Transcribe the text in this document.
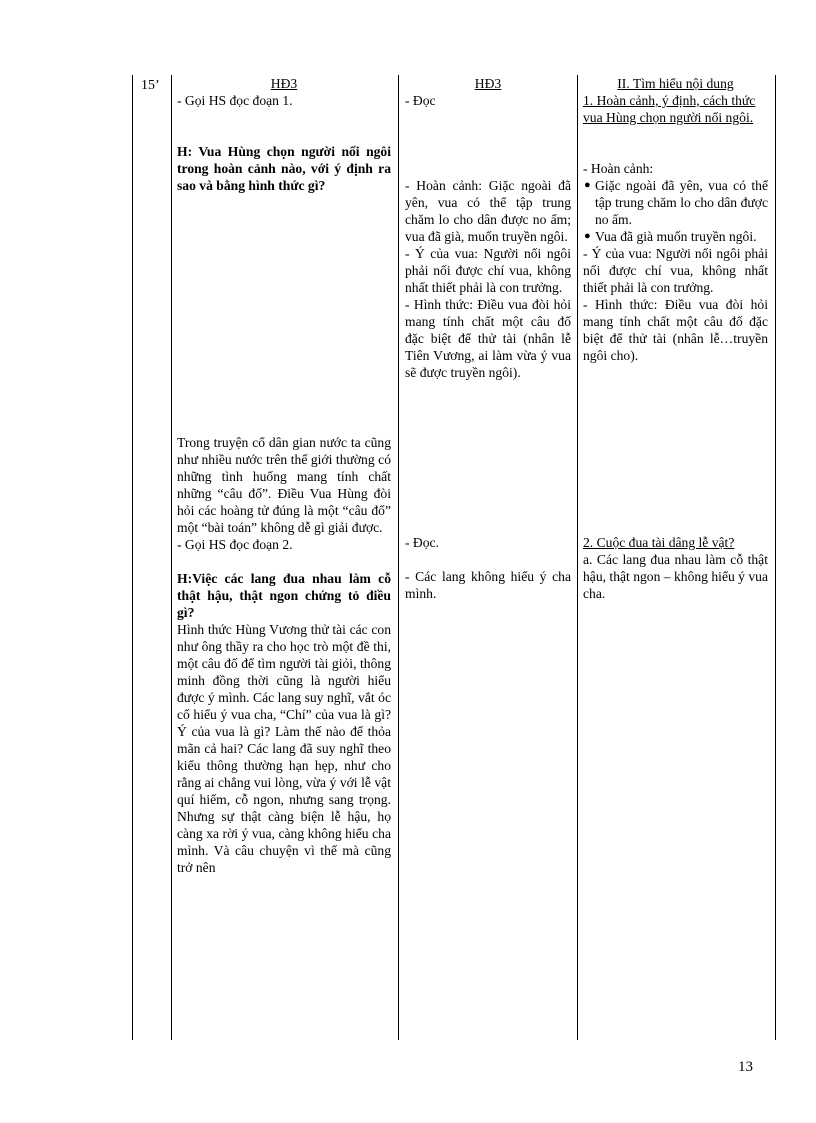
15’	HĐ3

- Gọi HS đọc đoạn 1.

H: Vua Hùng chọn người nối ngôi trong hoàn cảnh nào, với ý định ra sao và bằng hình thức gì?

Trong truyện cổ dân gian nước ta cũng như nhiều nước trên thế giới thường có những tình huống mang tính chất những “câu đố”. Điều Vua Hùng đòi hỏi các hoàng tử đúng là một “câu đố” một “bài toán” không dễ gì giải được.

- Gọi HS đọc đoạn 2.

H:Việc các lang đua nhau làm cỗ thật hậu, thật ngon chứng tỏ điều gì?

Hình thức Hùng Vương thử tài các con như ông thầy ra cho học trò một đề thi, một câu đố để tìm người tài giỏi, thông minh đồng thời cũng là người hiểu được ý mình. Các lang suy nghĩ, vắt óc cố hiểu ý vua cha, “Chí” của vua là gì? Ý của vua là gì? Làm thế nào để thỏa mãn cả hai? Các lang đã suy nghĩ theo kiểu thông thường hạn hẹp, như cho rằng ai chẳng vui lòng, vừa ý với lễ vật quí hiếm, cỗ ngon, nhưng sang trọng. Nhưng sự thật càng biện lễ hậu, họ càng xa rời ý vua, càng không hiểu cha mình. Và câu chuyện vì thế mà cũng trở nên

HĐ3

- Đọc

- Hoàn cảnh: Giặc ngoài đã yên, vua có thể tập trung chăm lo cho dân được no ấm; vua đã già, muốn truyền ngôi.

- Ý của vua: Người nối ngôi phải nối được chí vua, không nhất thiết phải là con trưởng.

- Hình thức: Điều vua đòi hỏi mang tính chất một câu đố đặc biệt để thử tài (nhân lễ Tiên Vương, ai làm vừa ý vua sẽ được truyền ngôi).

- Đọc.

- Các lang không hiểu ý cha mình.

II. Tìm hiểu nội dung

1. Hoàn cảnh, ý định, cách thức vua Hùng chọn người nối ngôi.

- Hoàn cảnh:

● Giặc ngoài đã yên, vua có thể tập trung chăm lo cho dân được no ấm.
● Vua đã già muốn truyền ngôi.

- Ý của vua: Người nối ngôi phải nối được chí vua, không nhất thiết phải là con trưởng.

- Hình thức: Điều vua đòi hỏi mang tính chất một câu đố đặc biệt để thử tài (nhân lễ…truyền ngôi cho).

2. Cuộc đua tài dâng lễ vật?

a. Các lang đua nhau làm cỗ thật hậu, thật ngon – không hiểu ý vua cha.

13
